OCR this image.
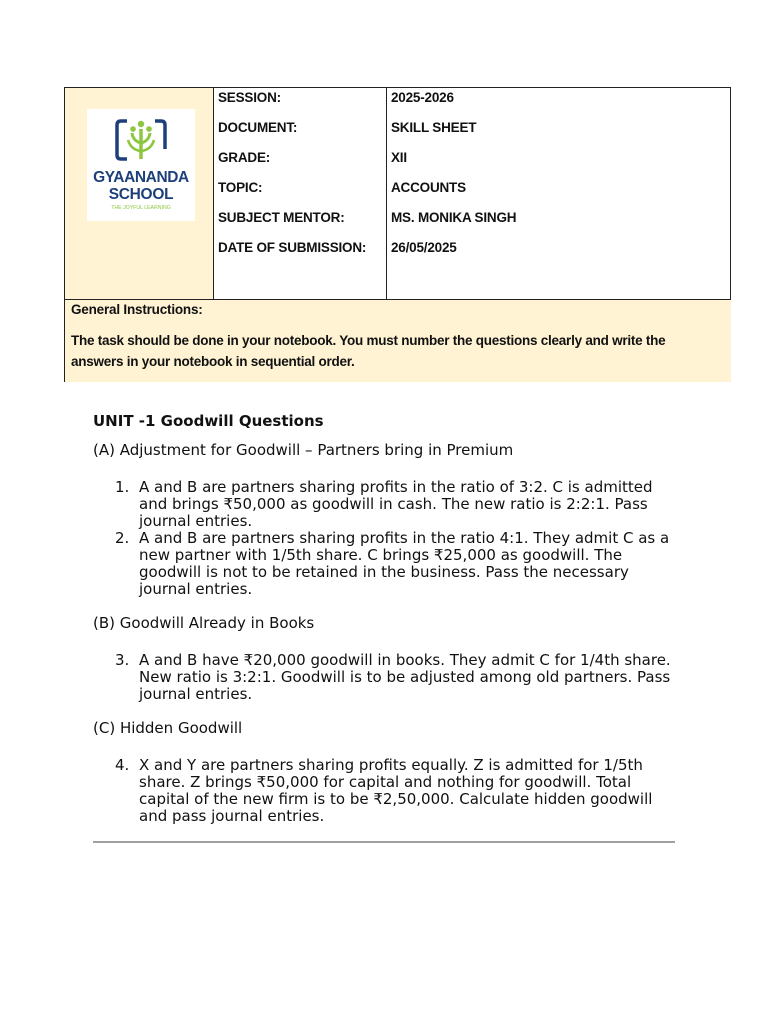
GYAANANDA
SCHOOL
THE JOYFUL LEARNING
SESSION:
DOCUMENT:
GRADE:
TOPIC:
SUBJECT MENTOR:
DATE OF SUBMISSION:
2025-2026
SKILL SHEET
XII
ACCOUNTS
MS. MONIKA SINGH
26/05/2025
General Instructions:
The task should be done in your notebook. You must number the questions clearly and write the answers in your notebook in sequential order.
UNIT -1 Goodwill Questions
(A) Adjustment for Goodwill – Partners bring in Premium
1. A and B are partners sharing profits in the ratio of 3:2. C is admitted and brings ₹50,000 as goodwill in cash. The new ratio is 2:2:1. Pass journal entries.
2. A and B are partners sharing profits in the ratio 4:1. They admit C as a new partner with 1/5th share. C brings ₹25,000 as goodwill. The goodwill is not to be retained in the business. Pass the necessary journal entries.
(B) Goodwill Already in Books
3. A and B have ₹20,000 goodwill in books. They admit C for 1/4th share. New ratio is 3:2:1. Goodwill is to be adjusted among old partners. Pass journal entries.
(C) Hidden Goodwill
4. X and Y are partners sharing profits equally. Z is admitted for 1/5th share. Z brings ₹50,000 for capital and nothing for goodwill. Total capital of the new firm is to be ₹2,50,000. Calculate hidden goodwill and pass journal entries.
